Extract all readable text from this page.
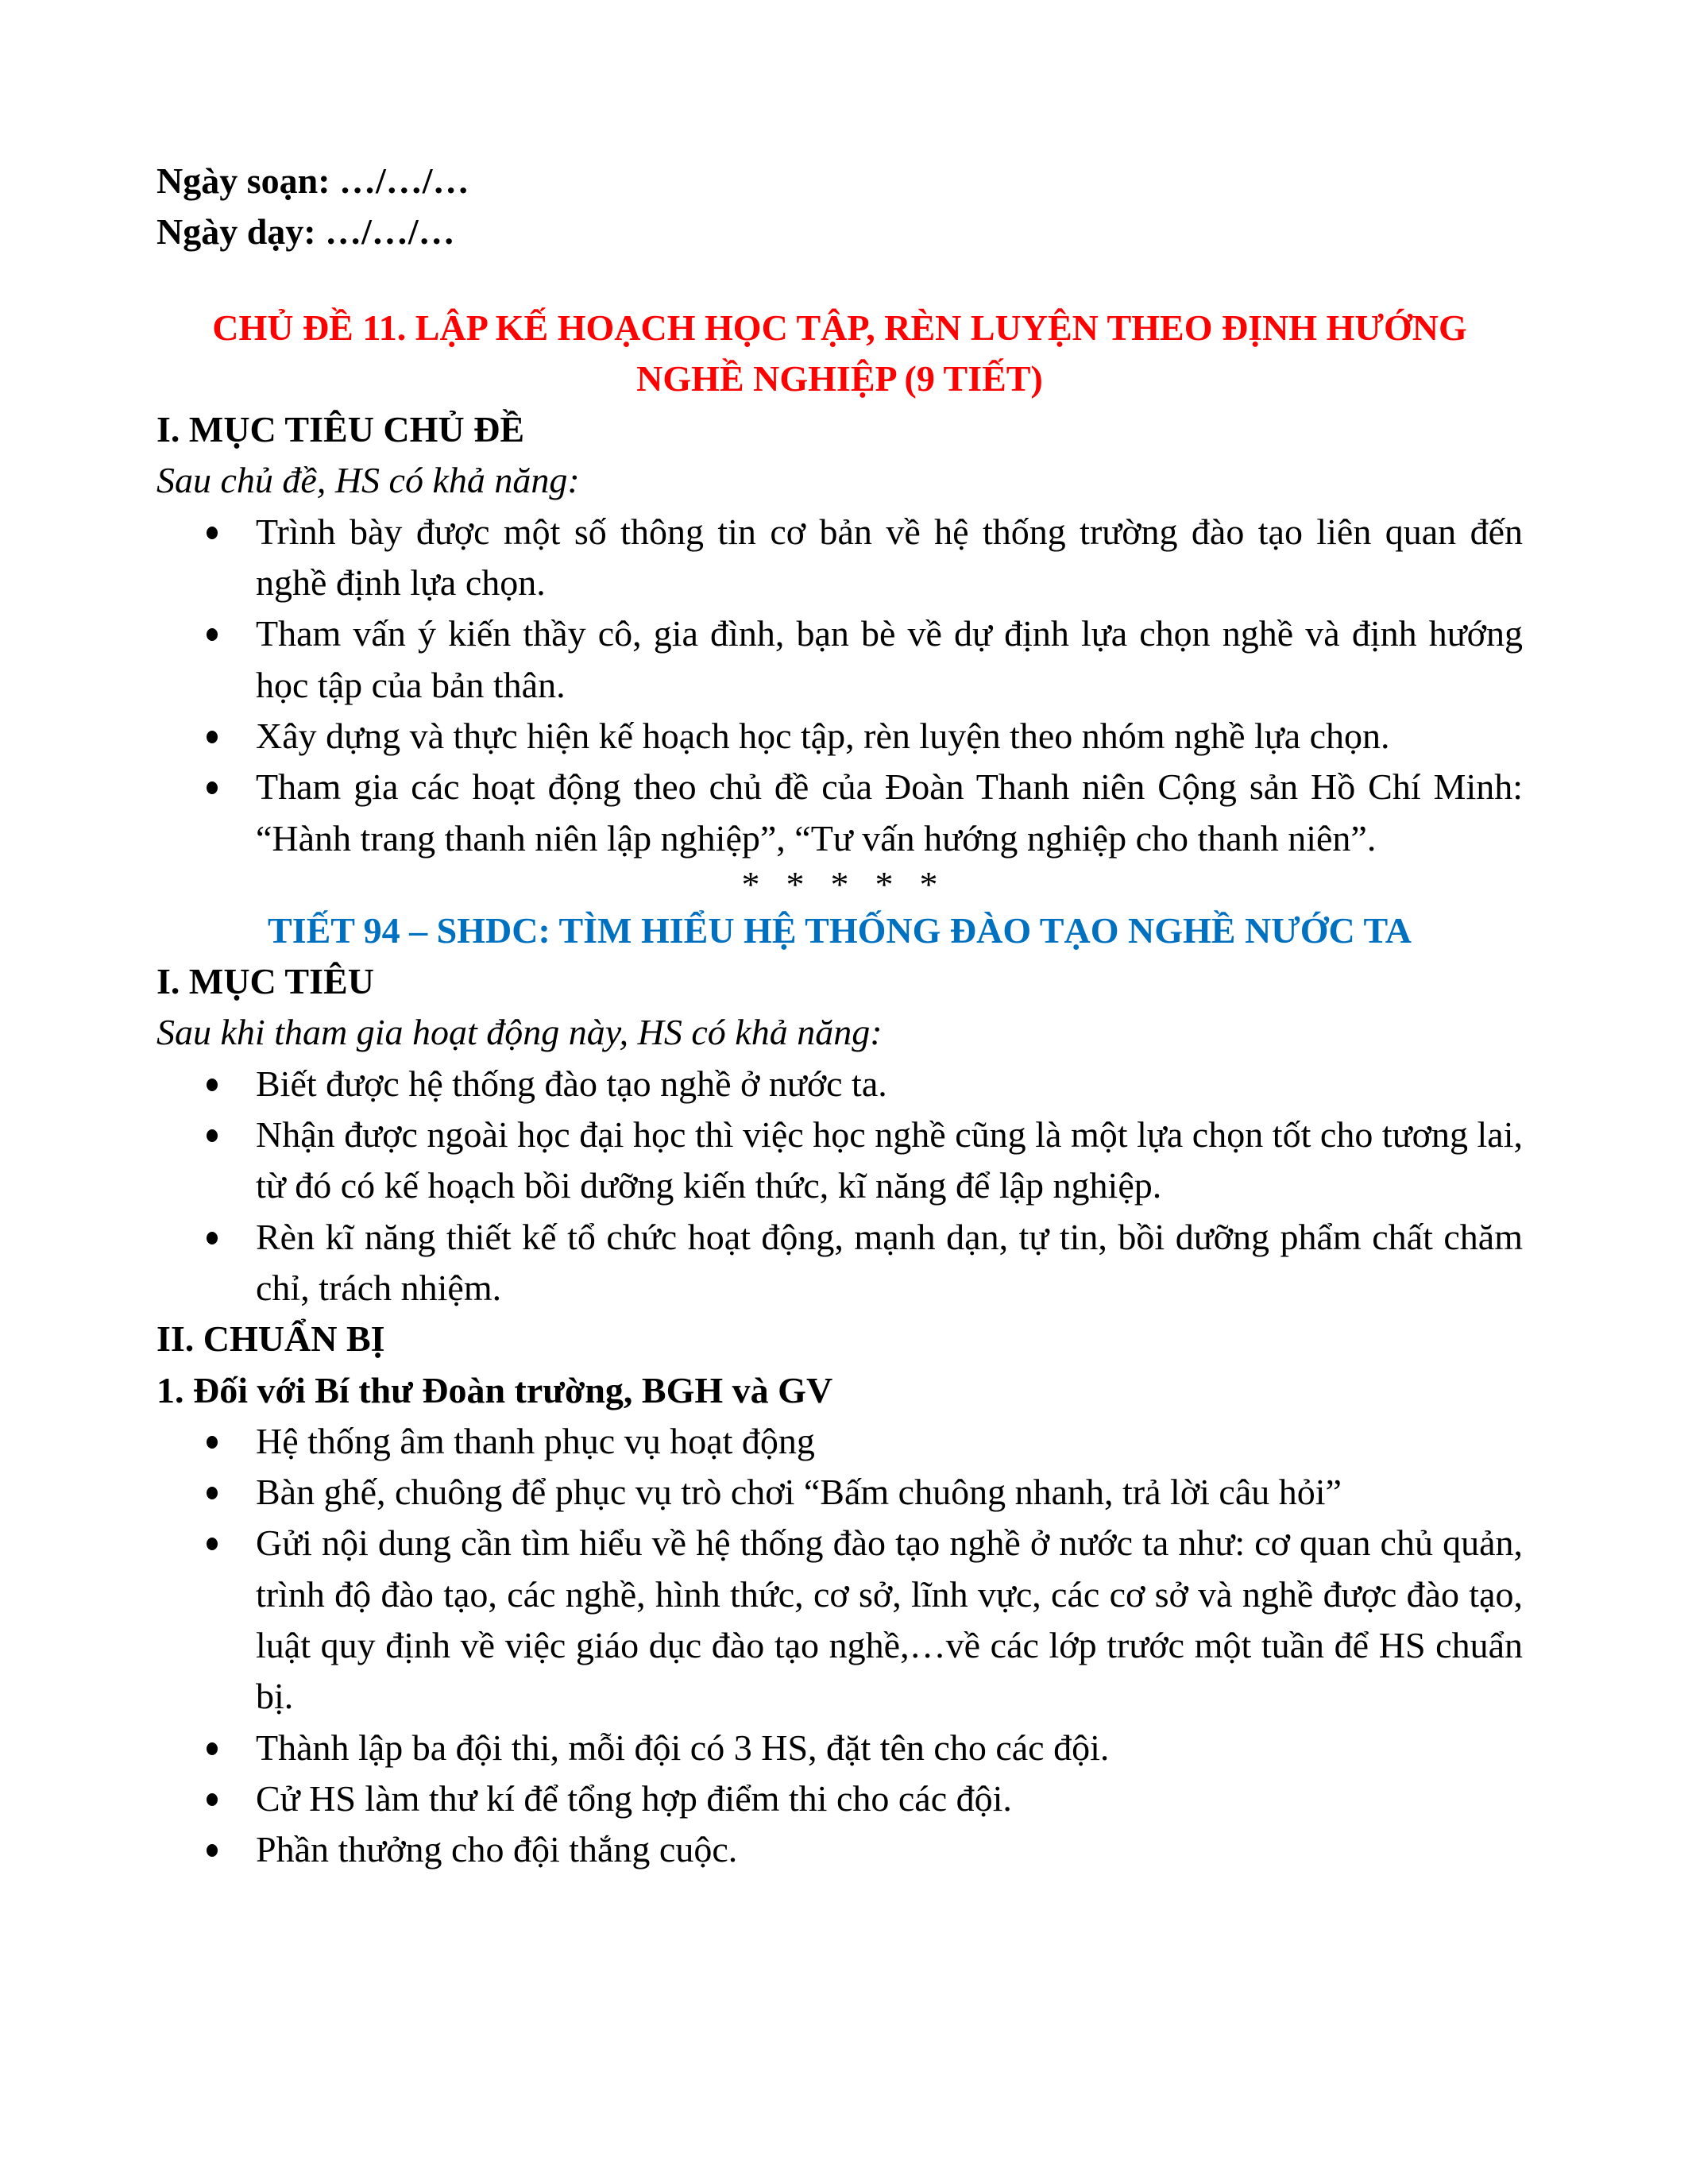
Ngày soạn: …/…/…
Ngày dạy: …/…/…
CHỦ ĐỀ 11. LẬP KẾ HOẠCH HỌC TẬP, RÈN LUYỆN THEO ĐỊNH HƯỚNG
NGHỀ NGHIỆP (9 TIẾT)
I. MỤC TIÊU CHỦ ĐỀ
Sau chủ đề, HS có khả năng:
Trình bày được một số thông tin cơ bản về hệ thống trường đào tạo liên quan đến nghề định lựa chọn.
Tham vấn ý kiến thầy cô, gia đình, bạn bè về dự định lựa chọn nghề và định hướng học tập của bản thân.
Xây dựng và thực hiện kế hoạch học tập, rèn luyện theo nhóm nghề lựa chọn.
Tham gia các hoạt động theo chủ đề của Đoàn Thanh niên Cộng sản Hồ Chí Minh: “Hành trang thanh niên lập nghiệp”, “Tư vấn hướng nghiệp cho thanh niên”.
* * * * *
TIẾT 94 – SHDC: TÌM HIỂU HỆ THỐNG ĐÀO TẠO NGHỀ NƯỚC TA
I. MỤC TIÊU
Sau khi tham gia hoạt động này, HS có khả năng:
Biết được hệ thống đào tạo nghề ở nước ta.
Nhận được ngoài học đại học thì việc học nghề cũng là một lựa chọn tốt cho tương lai, từ đó có kế hoạch bồi dưỡng kiến thức, kĩ năng để lập nghiệp.
Rèn kĩ năng thiết kế tổ chức hoạt động, mạnh dạn, tự tin, bồi dưỡng phẩm chất chăm chỉ, trách nhiệm.
II. CHUẨN BỊ
1. Đối với Bí thư Đoàn trường, BGH và GV
Hệ thống âm thanh phục vụ hoạt động
Bàn ghế, chuông để phục vụ trò chơi “Bấm chuông nhanh, trả lời câu hỏi”
Gửi nội dung cần tìm hiểu về hệ thống đào tạo nghề ở nước ta như: cơ quan chủ quản, trình độ đào tạo, các nghề, hình thức, cơ sở, lĩnh vực, các cơ sở và nghề được đào tạo, luật quy định về việc giáo dục đào tạo nghề,…về các lớp trước một tuần để HS chuẩn bị.
Thành lập ba đội thi, mỗi đội có 3 HS, đặt tên cho các đội.
Cử HS làm thư kí để tổng hợp điểm thi cho các đội.
Phần thưởng cho đội thắng cuộc.
